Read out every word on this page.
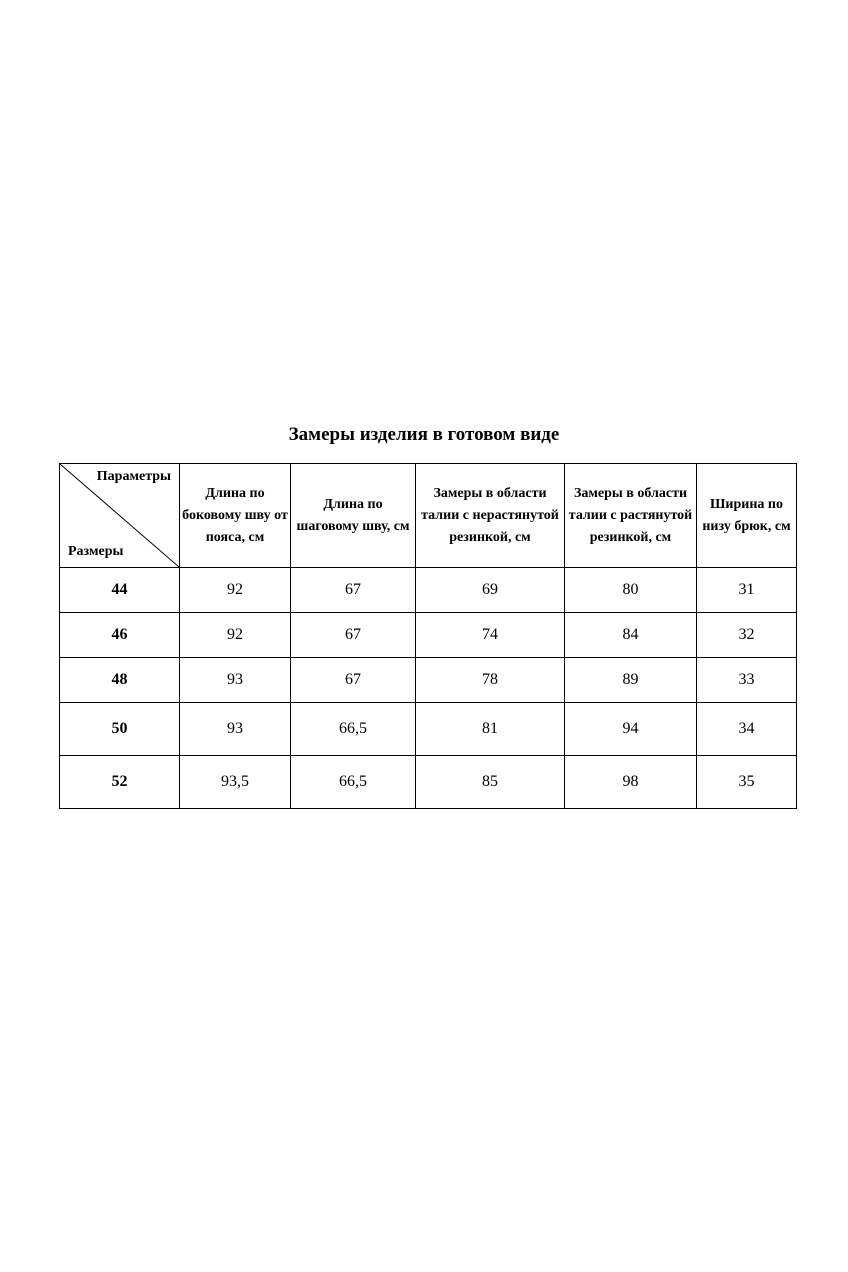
Замеры изделия в готовом виде
Параметры
Размеры	Длина по боковому шву от пояса, см	Длина по шаговому шву, см	Замеры в области талии с нерастянутой резинкой, см	Замеры в области талии с растянутой резинкой, см	Ширина по низу брюк, см
44	92	67	69	80	31
46	92	67	74	84	32
48	93	67	78	89	33
50	93	66,5	81	94	34
52	93,5	66,5	85	98	35
